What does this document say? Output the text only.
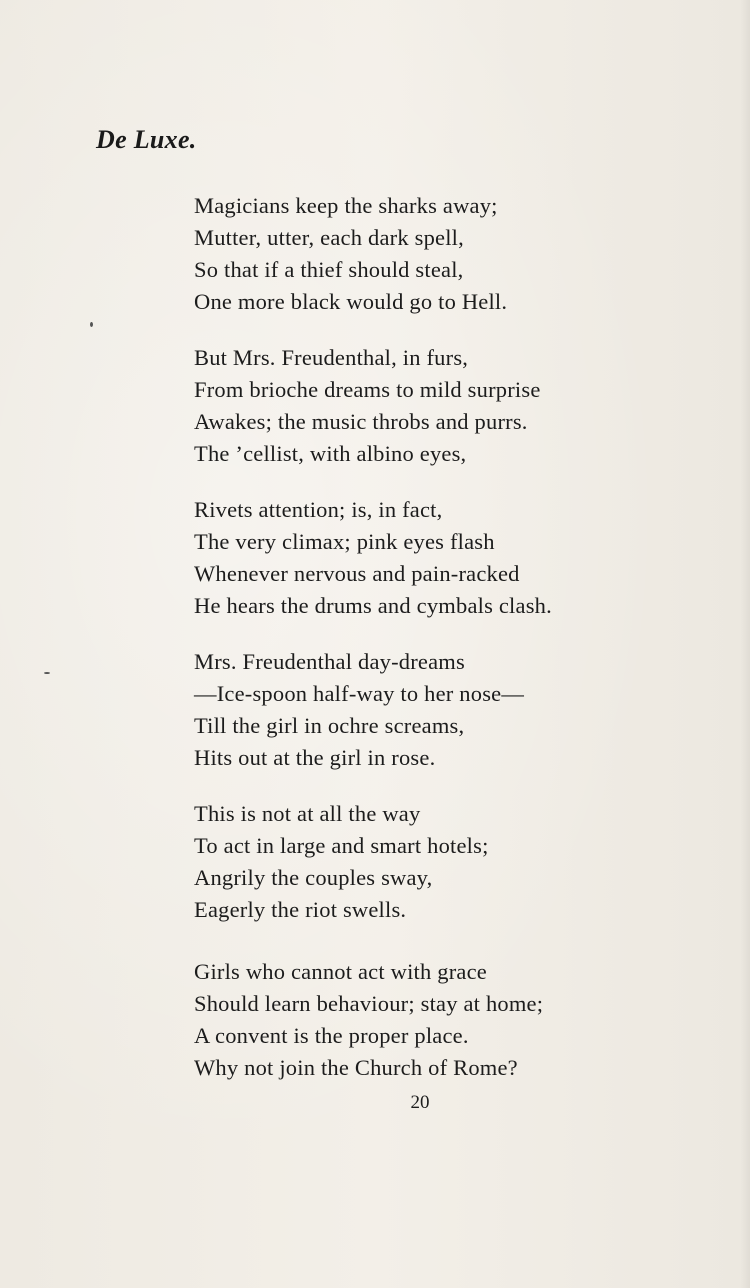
De Luxe.
Magicians keep the sharks away;
Mutter, utter, each dark spell,
So that if a thief should steal,
One more black would go to Hell.
But Mrs. Freudenthal, in furs,
From brioche dreams to mild surprise
Awakes; the music throbs and purrs.
The ’cellist, with albino eyes,
Rivets attention; is, in fact,
The very climax; pink eyes flash
Whenever nervous and pain-racked
He hears the drums and cymbals clash.
Mrs. Freudenthal day-dreams
—Ice-spoon half-way to her nose—
Till the girl in ochre screams,
Hits out at the girl in rose.
This is not at all the way
To act in large and smart hotels;
Angrily the couples sway,
Eagerly the riot swells.
Girls who cannot act with grace
Should learn behaviour; stay at home;
A convent is the proper place.
Why not join the Church of Rome?
20
